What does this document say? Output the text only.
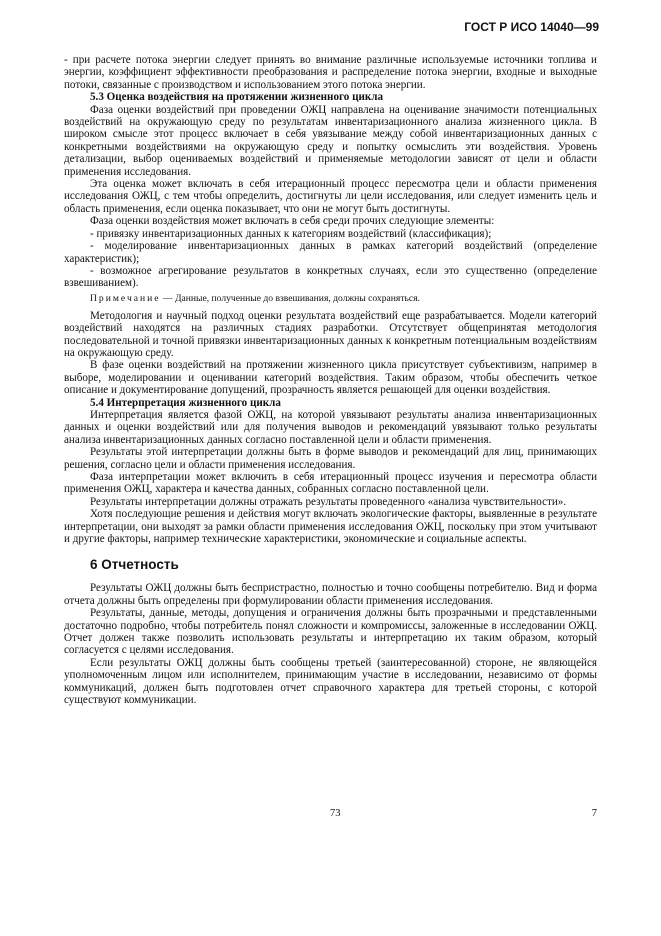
ГОСТ Р ИСО 14040—99

- при расчете потока энергии следует принять во внимание различные используемые источники топлива и энергии, коэффициент эффективности преобразования и распределение потока энергии, входные и выходные потоки, связанные с производством и использованием этого потока энергии.

5.3 Оценка воздействия на протяжении жизненного цикла

Фаза оценки воздействий при проведении ОЖЦ направлена на оценивание значимости потенциальных воздействий на окружающую среду по результатам инвентаризационного анализа жизненного цикла. В широком смысле этот процесс включает в себя увязывание между собой инвентаризационных данных с конкретными воздействиями на окружающую среду и попытку осмыслить эти воздействия. Уровень детализации, выбор оцениваемых воздействий и применяемые методологии зависят от цели и области применения исследования.

Эта оценка может включать в себя итерационный процесс пересмотра цели и области применения исследования ОЖЦ, с тем чтобы определить, достигнуты ли цели исследования, или следует изменить цель и область применения, если оценка показывает, что они не могут быть достигнуты.

Фаза оценки воздействия может включать в себя среди прочих следующие элементы:

- привязку инвентаризационных данных к категориям воздействий (классификация);

- моделирование инвентаризационных данных в рамках категорий воздействий (определение характеристик);

- возможное агрегирование результатов в конкретных случаях, если это существенно (определение взвешиванием).

Примечание — Данные, полученные до взвешивания, должны сохраняться.

Методология и научный подход оценки результата воздействий еще разрабатывается. Модели категорий воздействий находятся на различных стадиях разработки. Отсутствует общепринятая методология последовательной и точной привязки инвентаризационных данных к конкретным потенциальным воздействиям на окружающую среду.

В фазе оценки воздействий на протяжении жизненного цикла присутствует субъективизм, например в выборе, моделировании и оценивании категорий воздействия. Таким образом, чтобы обеспечить четкое описание и документирование допущений, прозрачность является решающей для оценки воздействия.

5.4 Интерпретация жизненного цикла

Интерпретация является фазой ОЖЦ, на которой увязывают результаты анализа инвентаризационных данных и оценки воздействий или для получения выводов и рекомендаций увязывают только результаты анализа инвентаризационных данных согласно поставленной цели и области применения.

Результаты этой интерпретации должны быть в форме выводов и рекомендаций для лиц, принимающих решения, согласно цели и области применения исследования.

Фаза интерпретации может включить в себя итерационный процесс изучения и пересмотра области применения ОЖЦ, характера и качества данных, собранных согласно поставленной цели.

Результаты интерпретации должны отражать результаты проведенного «анализа чувствительности».

Хотя последующие решения и действия могут включать экологические факторы, выявленные в результате интерпретации, они выходят за рамки области применения исследования ОЖЦ, поскольку при этом учитывают и другие факторы, например технические характеристики, экономические и социальные аспекты.

6 Отчетность

Результаты ОЖЦ должны быть беспристрастно, полностью и точно сообщены потребителю. Вид и форма отчета должны быть определены при формулировании области применения исследования.

Результаты, данные, методы, допущения и ограничения должны быть прозрачными и представленными достаточно подробно, чтобы потребитель понял сложности и компромиссы, заложенные в исследовании ОЖЦ. Отчет должен также позволить использовать результаты и интерпретацию их таким образом, который согласуется с целями исследования.

Если результаты ОЖЦ должны быть сообщены третьей (заинтересованной) стороне, не являющейся уполномоченным лицом или исполнителем, принимающим участие в исследовании, независимо от формы коммуникаций, должен быть подготовлен отчет справочного характера для третьей стороны, с которой существуют коммуникации.

73	7
